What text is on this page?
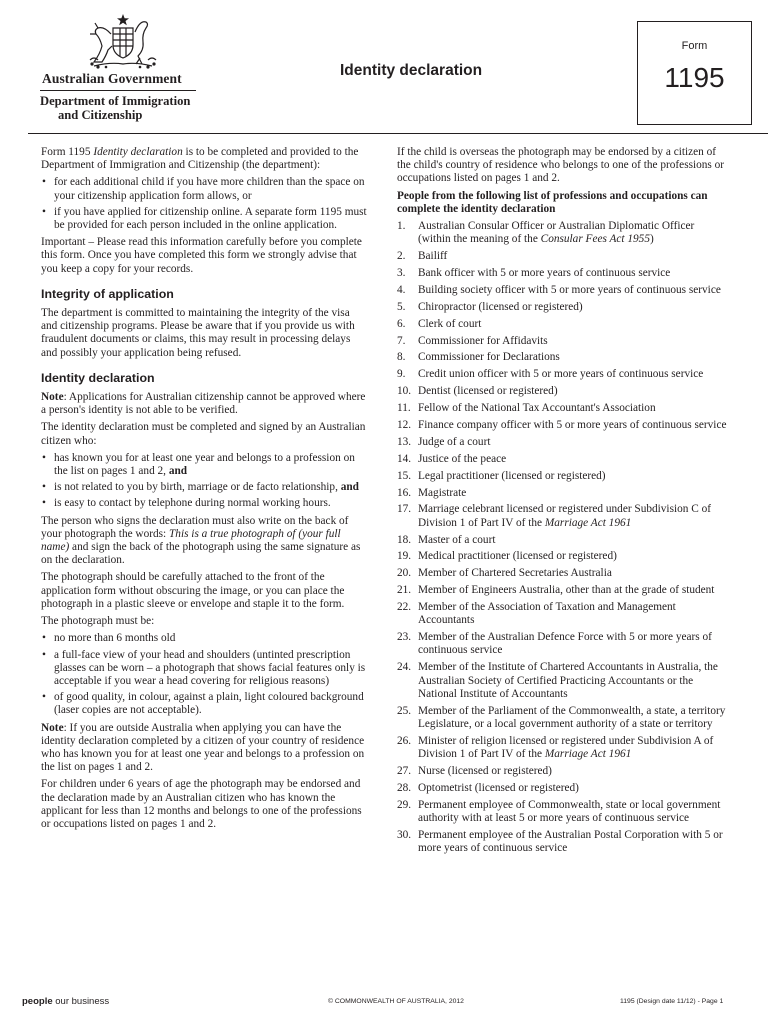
Australian Government
Department of Immigration
and Citizenship
Identity declaration
Form
1195

Form 1195 Identity declaration is to be completed and provided to the Department of Immigration and Citizenship (the department):

• for each additional child if you have more children than the space on your citizenship application form allows, or
• if you have applied for citizenship online. A separate form 1195 must be provided for each person included in the online application.

Important – Please read this information carefully before you complete this form. Once you have completed this form we strongly advise that you keep a copy for your records.

Integrity of application

The department is committed to maintaining the integrity of the visa and citizenship programs. Please be aware that if you provide us with fraudulent documents or claims, this may result in processing delays and possibly your application being refused.

Identity declaration

Note: Applications for Australian citizenship cannot be approved where a person's identity is not able to be verified.

The identity declaration must be completed and signed by an Australian citizen who:

• has known you for at least one year and belongs to a profession on the list on pages 1 and 2, and
• is not related to you by birth, marriage or de facto relationship, and
• is easy to contact by telephone during normal working hours.

The person who signs the declaration must also write on the back of your photograph the words: This is a true photograph of (your full name) and sign the back of the photograph using the same signature as on the declaration.

The photograph should be carefully attached to the front of the application form without obscuring the image, or you can place the photograph in a plastic sleeve or envelope and staple it to the form.

The photograph must be:

• no more than 6 months old
• a full-face view of your head and shoulders (untinted prescription glasses can be worn – a photograph that shows facial features only is acceptable if you wear a head covering for religious reasons)
• of good quality, in colour, against a plain, light coloured background (laser copies are not acceptable).

Note: If you are outside Australia when applying you can have the identity declaration completed by a citizen of your country of residence who has known you for at least one year and belongs to a profession on the list on pages 1 and 2.

For children under 6 years of age the photograph may be endorsed and the declaration made by an Australian citizen who has known the applicant for less than 12 months and belongs to one of the professions or occupations listed on pages 1 and 2.

If the child is overseas the photograph may be endorsed by a citizen of the child's country of residence who belongs to one of the professions or occupations listed on pages 1 and 2.

People from the following list of professions and occupations can complete the identity declaration

1. Australian Consular Officer or Australian Diplomatic Officer (within the meaning of the Consular Fees Act 1955)
2. Bailiff
3. Bank officer with 5 or more years of continuous service
4. Building society officer with 5 or more years of continuous service
5. Chiropractor (licensed or registered)
6. Clerk of court
7. Commissioner for Affidavits
8. Commissioner for Declarations
9. Credit union officer with 5 or more years of continuous service
10. Dentist (licensed or registered)
11. Fellow of the National Tax Accountant's Association
12. Finance company officer with 5 or more years of continuous service
13. Judge of a court
14. Justice of the peace
15. Legal practitioner (licensed or registered)
16. Magistrate
17. Marriage celebrant licensed or registered under Subdivision C of Division 1 of Part IV of the Marriage Act 1961
18. Master of a court
19. Medical practitioner (licensed or registered)
20. Member of Chartered Secretaries Australia
21. Member of Engineers Australia, other than at the grade of student
22. Member of the Association of Taxation and Management Accountants
23. Member of the Australian Defence Force with 5 or more years of continuous service
24. Member of the Institute of Chartered Accountants in Australia, the Australian Society of Certified Practicing Accountants or the National Institute of Accountants
25. Member of the Parliament of the Commonwealth, a state, a territory Legislature, or a local government authority of a state or territory
26. Minister of religion licensed or registered under Subdivision A of Division 1 of Part IV of the Marriage Act 1961
27. Nurse (licensed or registered)
28. Optometrist (licensed or registered)
29. Permanent employee of Commonwealth, state or local government authority with at least 5 or more years of continuous service
30. Permanent employee of the Australian Postal Corporation with 5 or more years of continuous service
people our business	© COMMONWEALTH OF AUSTRALIA, 2012	1195 (Design date 11/12) - Page 1
